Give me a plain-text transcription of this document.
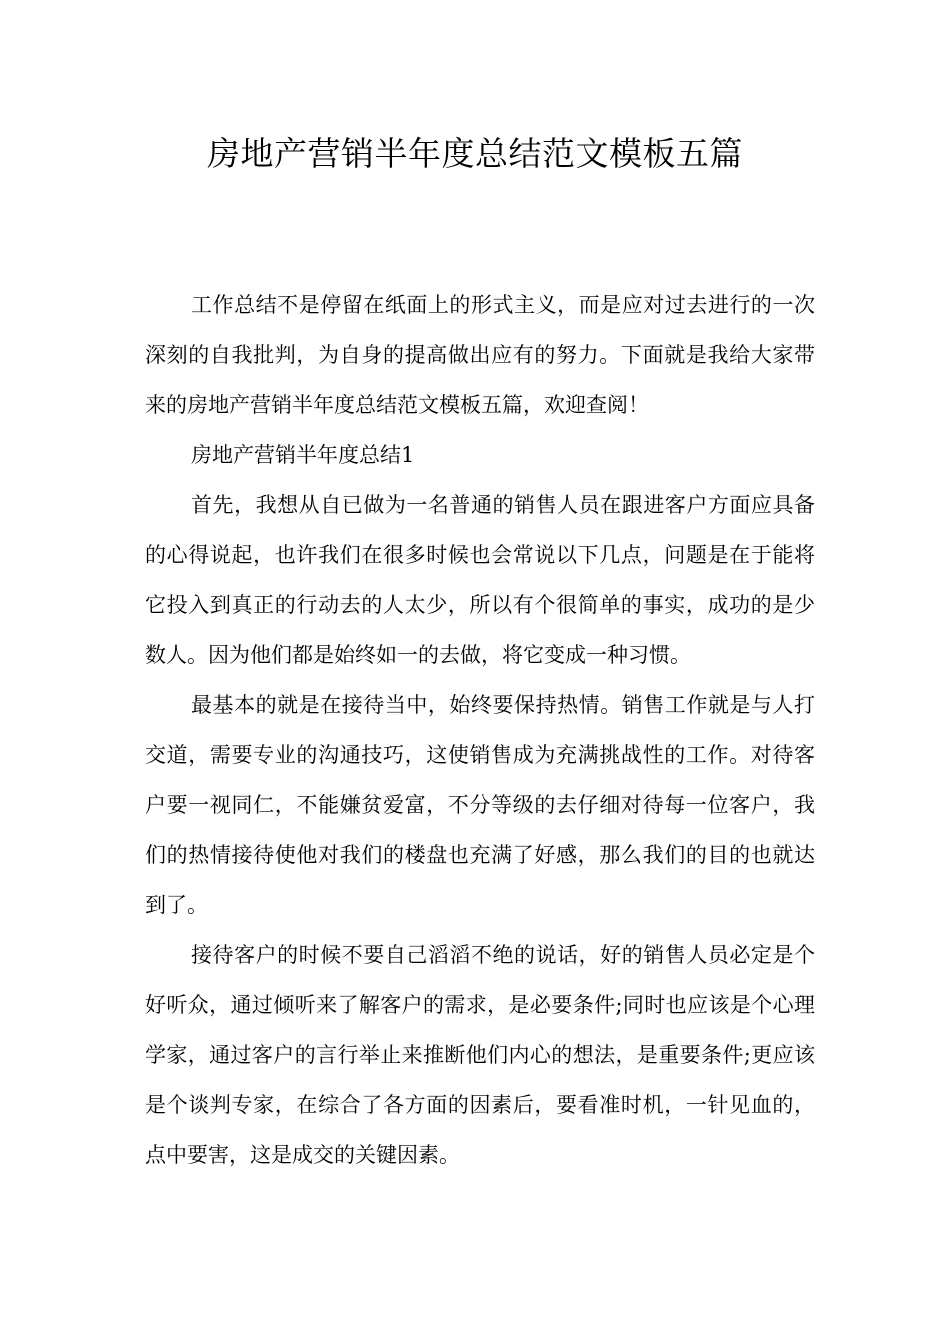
房地产营销半年度总结范文模板五篇

工作总结不是停留在纸面上的形式主义，而是应对过去进行的一次深刻的自我批判，为自身的提高做出应有的努力。下面就是我给大家带来的房地产营销半年度总结范文模板五篇，欢迎查阅！

房地产营销半年度总结1

首先，我想从自已做为一名普通的销售人员在跟进客户方面应具备的心得说起，也许我们在很多时候也会常说以下几点，问题是在于能将它投入到真正的行动去的人太少，所以有个很简单的事实，成功的是少数人。因为他们都是始终如一的去做，将它变成一种习惯。

最基本的就是在接待当中，始终要保持热情。销售工作就是与人打交道，需要专业的沟通技巧，这使销售成为充满挑战性的工作。对待客户要一视同仁，不能嫌贫爱富，不分等级的去仔细对待每一位客户，我们的热情接待使他对我们的楼盘也充满了好感，那么我们的目的也就达到了。

接待客户的时候不要自己滔滔不绝的说话，好的销售人员必定是个好听众，通过倾听来了解客户的需求，是必要条件;同时也应该是个心理学家，通过客户的言行举止来推断他们内心的想法，是重要条件;更应该是个谈判专家，在综合了各方面的因素后，要看准时机，一针见血的，点中要害，这是成交的关键因素。
